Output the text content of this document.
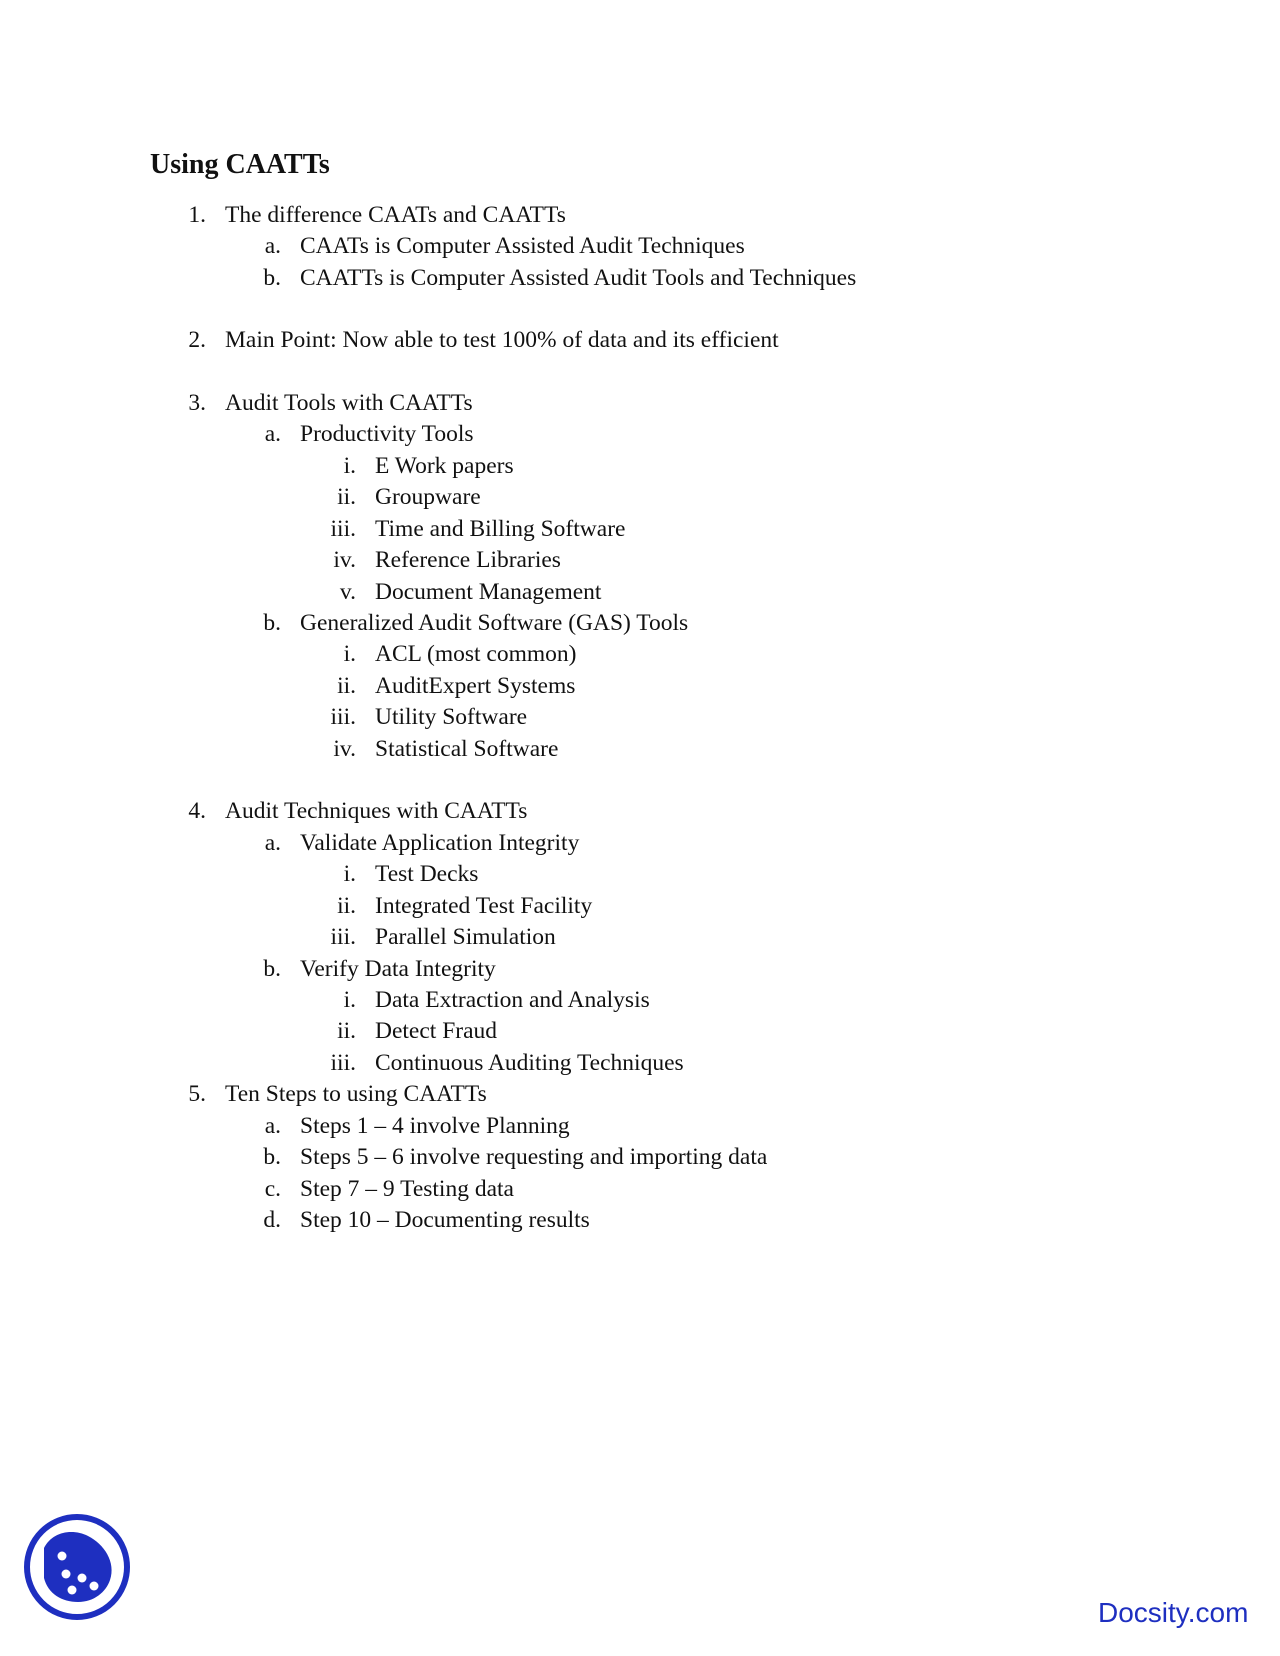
Using CAATTs
1. The difference CAATs and CAATTs
a. CAATs is Computer Assisted Audit Techniques
b. CAATTs is Computer Assisted Audit Tools and Techniques
2. Main Point: Now able to test 100% of data and its efficient
3. Audit Tools with CAATTs
a. Productivity Tools
i. E Work papers
ii. Groupware
iii. Time and Billing Software
iv. Reference Libraries
v. Document Management
b. Generalized Audit Software (GAS) Tools
i. ACL (most common)
ii. AuditExpert Systems
iii. Utility Software
iv. Statistical Software
4. Audit Techniques with CAATTs
a. Validate Application Integrity
i. Test Decks
ii. Integrated Test Facility
iii. Parallel Simulation
b. Verify Data Integrity
i. Data Extraction and Analysis
ii. Detect Fraud
iii. Continuous Auditing Techniques
5. Ten Steps to using CAATTs
a. Steps 1 – 4 involve Planning
b. Steps 5 – 6 involve requesting and importing data
c. Step 7 – 9 Testing data
d. Step 10 – Documenting results
Docsity.com
